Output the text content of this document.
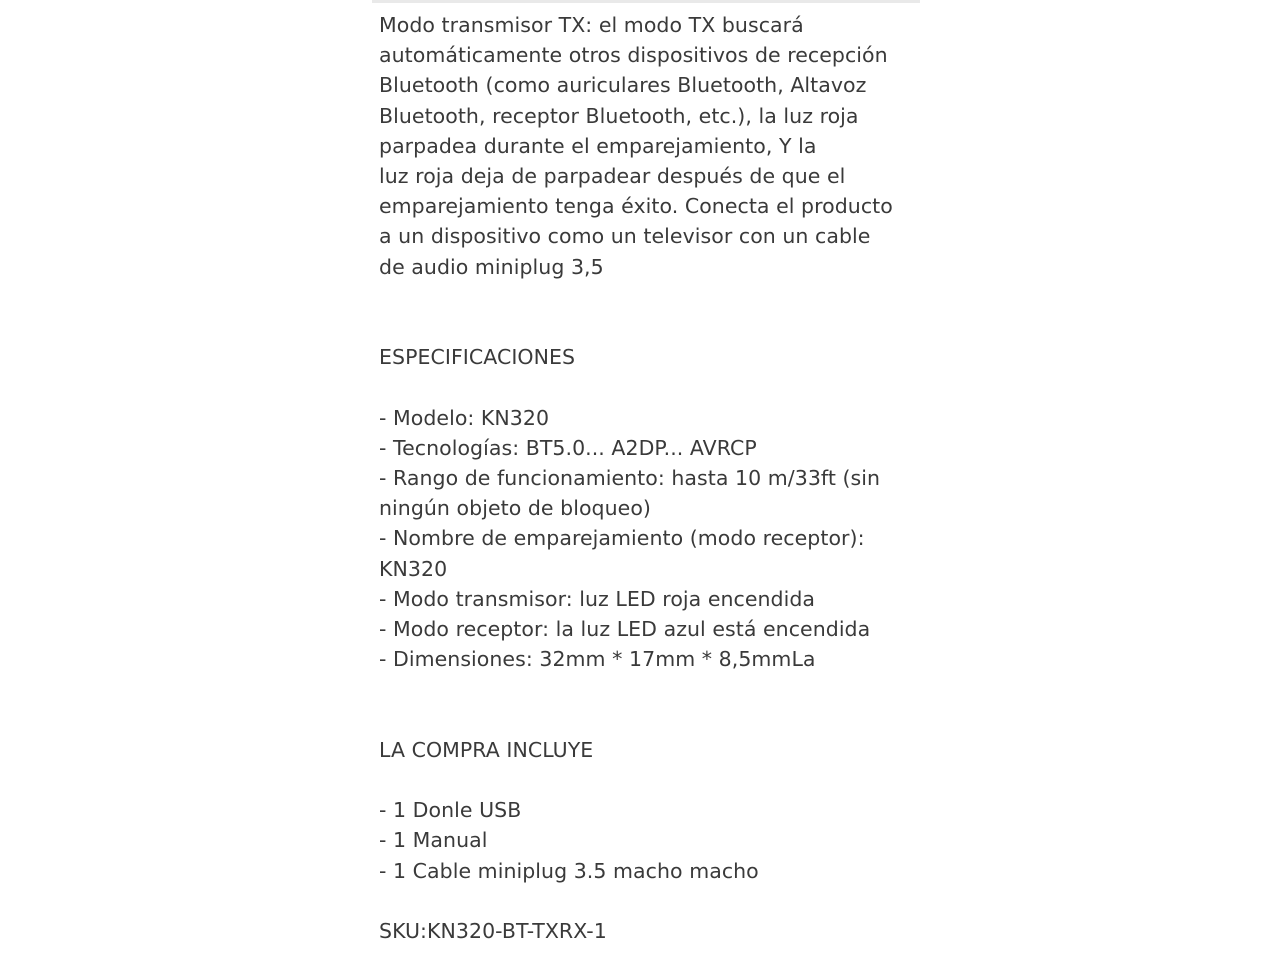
Modo transmisor TX: el modo TX buscará
automáticamente otros dispositivos de recepción
Bluetooth (como auriculares Bluetooth, Altavoz
Bluetooth, receptor Bluetooth, etc.), la luz roja
parpadea durante el emparejamiento, Y la
luz roja deja de parpadear después de que el
emparejamiento tenga éxito. Conecta el producto
a un dispositivo como un televisor con un cable
de audio miniplug 3,5

ESPECIFICACIONES
- Modelo: KN320
- Tecnologías: BT5.0... A2DP... AVRCP
- Rango de funcionamiento: hasta 10 m/33ft (sin
ningún objeto de bloqueo)
- Nombre de emparejamiento (modo receptor):
KN320
- Modo transmisor: luz LED roja encendida
- Modo receptor: la luz LED azul está encendida
- Dimensiones: 32mm * 17mm * 8,5mmLa
LA COMPRA INCLUYE
- 1 Donle USB
- 1 Manual
- 1 Cable miniplug 3.5 macho macho
SKU:KN320-BT-TXRX-1
